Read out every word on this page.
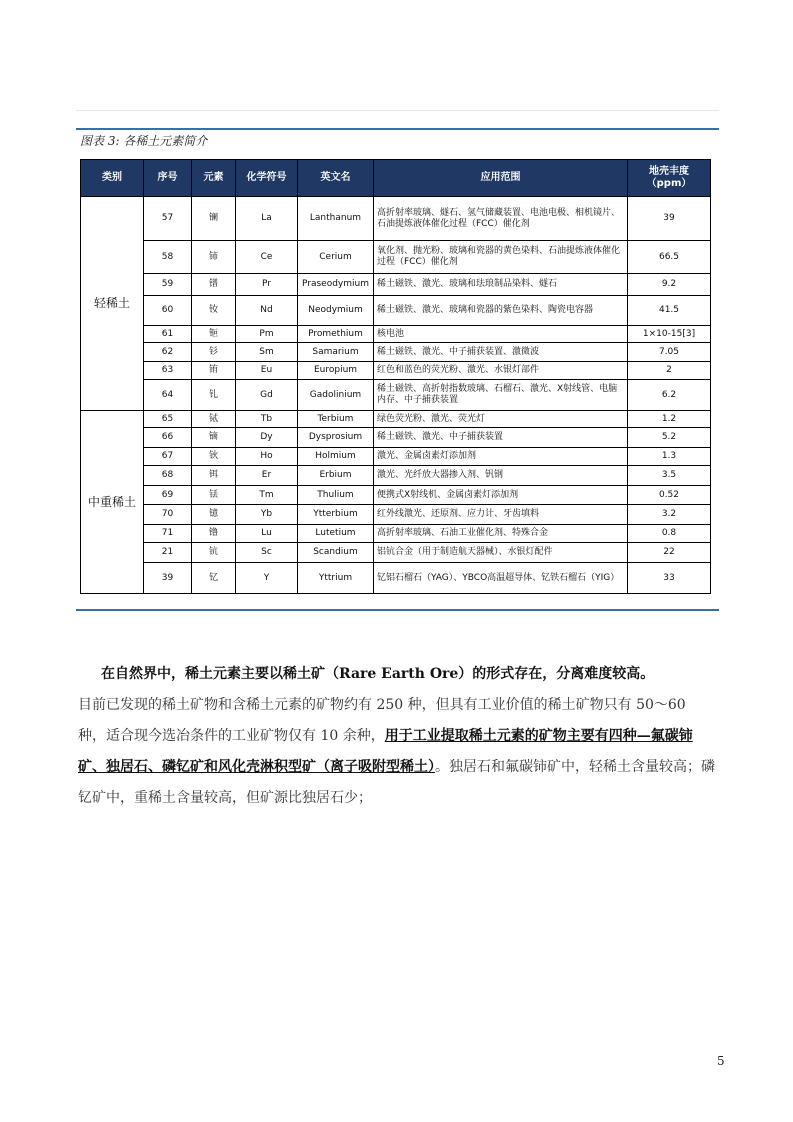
图表 3: 各稀土元素简介
类别	序号	元素	化学符号	英文名	应用范围	地壳丰度
（ppm）
轻稀土	57	镧	La	Lanthanum	高折射率玻璃、燧石、氢气储藏装置、电池电极、相机镜片、石油提炼液体催化过程（FCC）催化剂	39
	58	铈	Ce	Cerium	氧化剂、抛光粉、玻璃和瓷器的黄色染料、石油提炼液体催化过程（FCC）催化剂	66.5
	59	镨	Pr	Praseodymium	稀土磁铁、激光、玻璃和珐琅制品染料、燧石	9.2
	60	钕	Nd	Neodymium	稀土磁铁、激光、玻璃和瓷器的紫色染料、陶瓷电容器	41.5
	61	钷	Pm	Promethium	核电池	1×10-15[3]
	62	钐	Sm	Samarium	稀土磁铁、激光、中子捕获装置、激微波	7.05
	63	铕	Eu	Europium	红色和蓝色的荧光粉、激光、水银灯部件	2
	64	钆	Gd	Gadolinium	稀土磁铁、高折射指数玻璃、石榴石、激光、X射线管、电脑内存、中子捕获装置	6.2
中重稀土	65	铽	Tb	Terbium	绿色荧光粉、激光、荧光灯	1.2
	66	镝	Dy	Dysprosium	稀土磁铁、激光、中子捕获装置	5.2
	67	钬	Ho	Holmium	激光、金属卤素灯添加剂	1.3
	68	铒	Er	Erbium	激光、光纤放大器掺入剂、钒钢	3.5
	69	铥	Tm	Thulium	便携式X射线机、金属卤素灯添加剂	0.52
	70	镱	Yb	Ytterbium	红外线激光、还原剂、应力计、牙齿填料	3.2
	71	镥	Lu	Lutetium	高折射率玻璃、石油工业催化剂、特殊合金	0.8
	21	钪	Sc	Scandium	铝钪合金（用于制造航天器械）、水银灯配件	22
	39	钇	Y	Yttrium	钇铝石榴石（YAG）、YBCO高温超导体、钇铁石榴石（YIG）	33
在自然界中，稀土元素主要以稀土矿（Rare Earth Ore）的形式存在，分离难度较高。
目前已发现的稀土矿物和含稀土元素的矿物约有 250 种，但具有工业价值的稀土矿物只有 50～60 种，适合现今选冶条件的工业矿物仅有 10 余种，用于工业提取稀土元素的矿物主要有四种—氟碳铈矿、独居石、磷钇矿和风化壳淋积型矿（离子吸附型稀土）。独居石和氟碳铈矿中，轻稀土含量较高；磷钇矿中，重稀土含量较高，但矿源比独居石少；
5
